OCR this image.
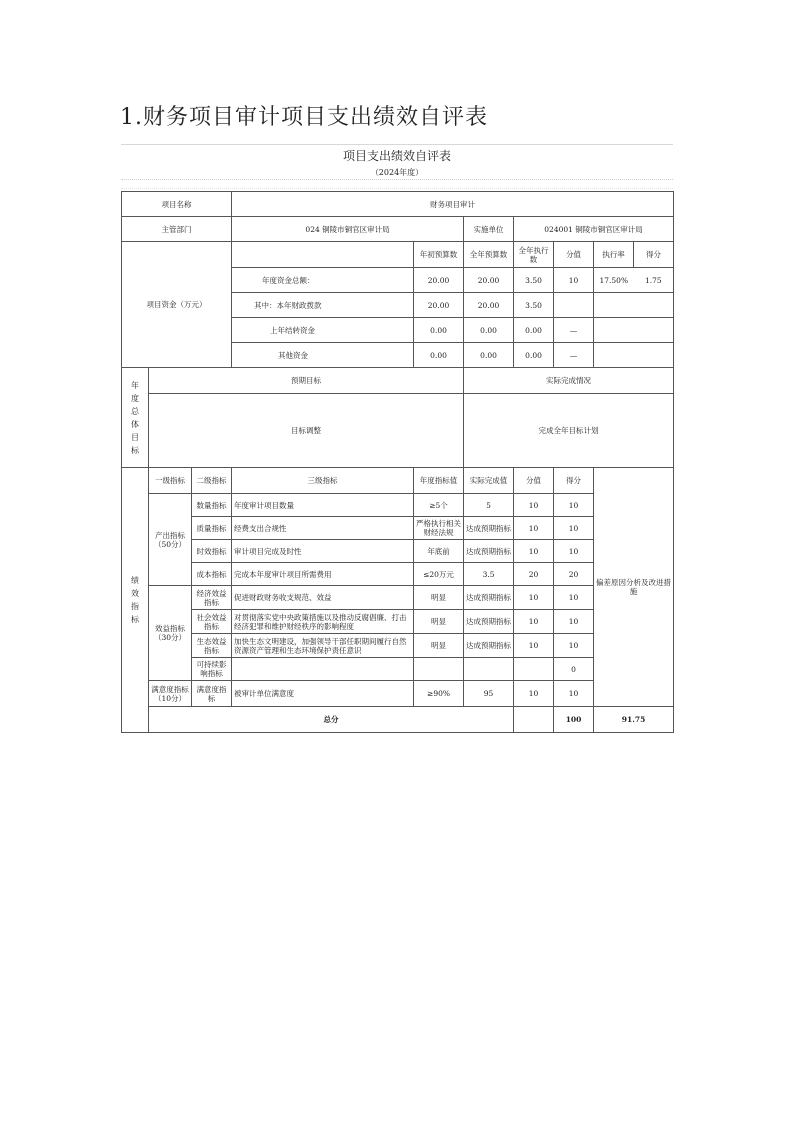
1.财务项目审计项目支出绩效自评表
项目支出绩效自评表
（2024年度）
项目名称			财务项目审计						
主管部门			024 铜陵市铜官区审计局		实施单位	024001 铜陵市铜官区审计局			
项目资金（万元）				年初预算数	全年预算数	全年执行数	分值	执行率 得分	

			年度资金总额：	20.00	20.00	3.50	10	17.50% 1.75	

			其中：本年财政拨款	20.00	20.00	3.50			
			上年结转资金	0.00	0.00	0.00	—		
			其他资金	0.00	0.00	0.00	—		
年度总体目标	预期目标				实际完成情况				
	目标调整				完成全年目标计划				
绩效指标	一级指标	二级指标	三级指标	年度指标值	实际完成值	分值	得分	偏差原因分析及改进措施	
	产出指标（50分）	数量指标	年度审计项目数量	≥5个	5	10	10		
		质量指标	经费支出合规性	严格执行相关财经法规	达成预期指标	10	10		
		时效指标	审计项目完成及时性	年底前	达成预期指标	10	10		
		成本指标	完成本年度审计项目所需费用	≤20万元	3.5	20	20		
	效益指标（30分）	经济效益指标	促进财政财务收支规范、效益	明显	达成预期指标	10	10		
		社会效益指标	对贯彻落实党中央政策措施以及推动反腐倡廉、打击经济犯罪和维护财经秩序的影响程度	明显	达成预期指标	10	10		
		生态效益指标	加快生态文明建设，加强领导干部任职期间履行自然资源资产管理和生态环境保护责任意识	明显	达成预期指标	10	10		
		可持续影响指标					0		
	满意度指标（10分）	满意度指标	被审计单位满意度	≥90%	95	10	10		
	总分						100	91.75	
